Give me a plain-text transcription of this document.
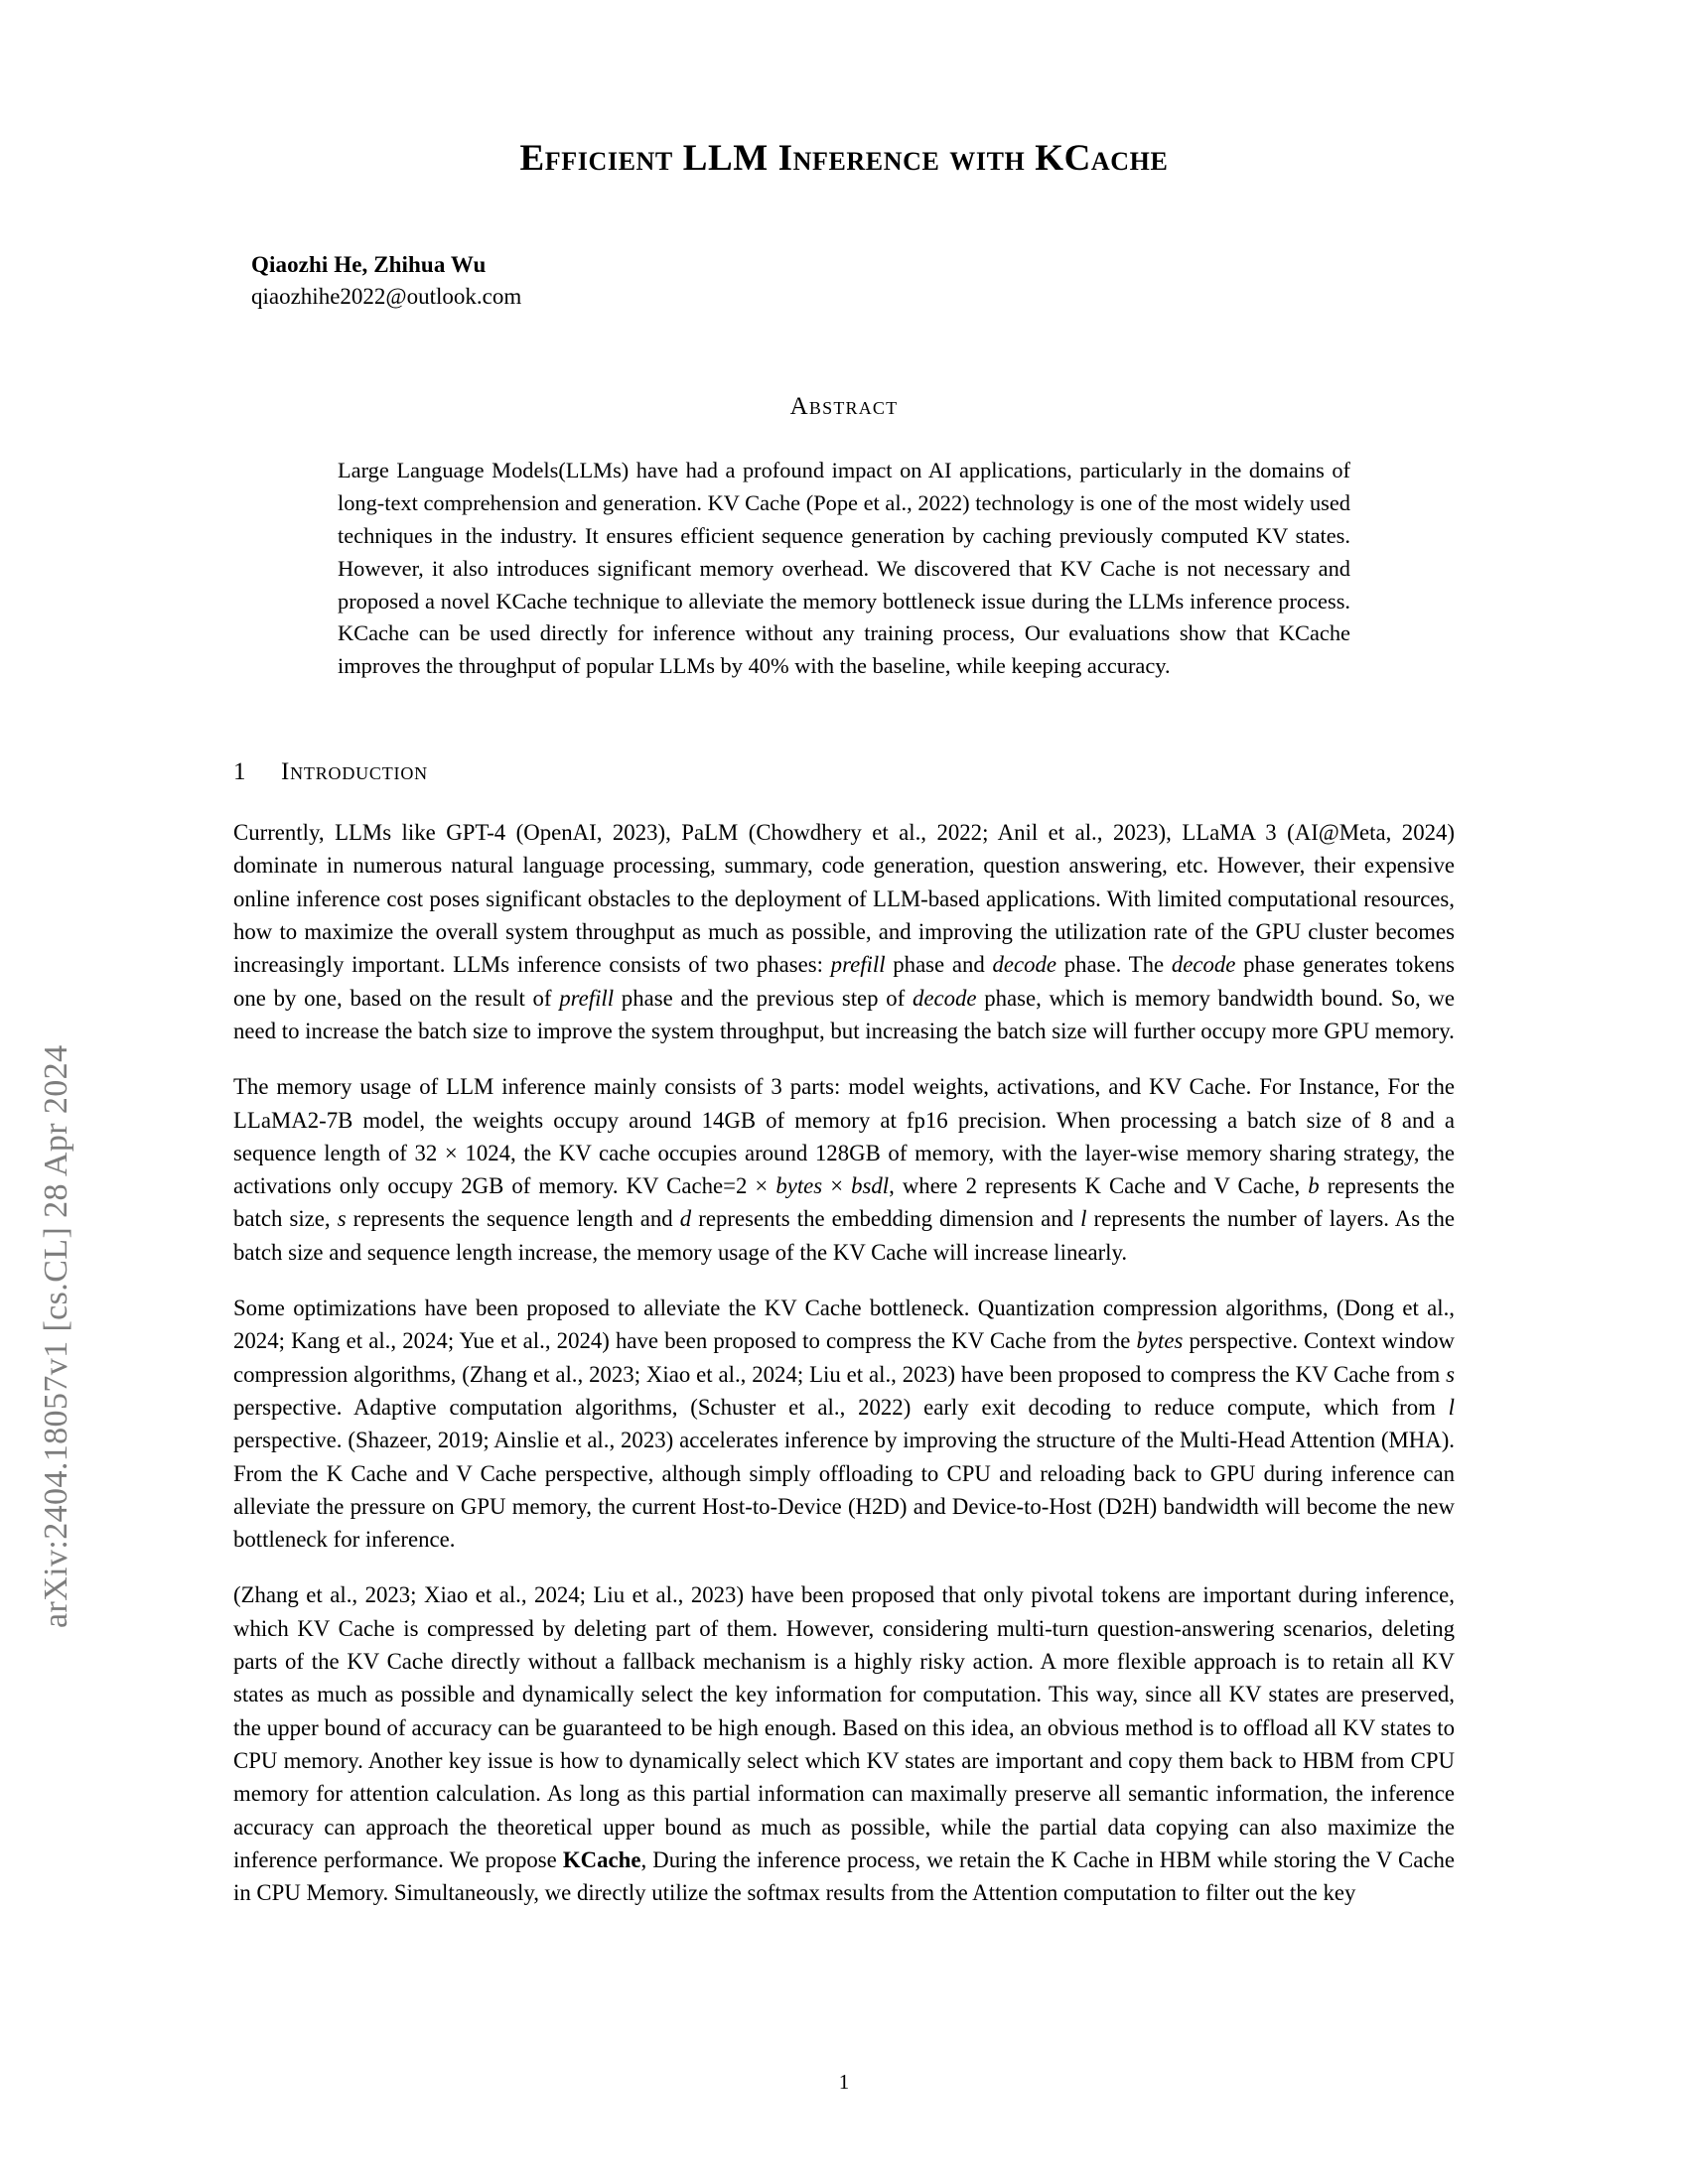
arXiv:2404.18057v1 [cs.CL] 28 Apr 2024
Efficient LLM Inference with KCache
Qiaozhi He, Zhihua Wu
qiaozhihe2022@outlook.com
Abstract
Large Language Models(LLMs) have had a profound impact on AI applications, particularly in the domains of long-text comprehension and generation. KV Cache (Pope et al., 2022) technology is one of the most widely used techniques in the industry. It ensures efficient sequence generation by caching previously computed KV states. However, it also introduces significant memory overhead. We discovered that KV Cache is not necessary and proposed a novel KCache technique to alleviate the memory bottleneck issue during the LLMs inference process. KCache can be used directly for inference without any training process, Our evaluations show that KCache improves the throughput of popular LLMs by 40% with the baseline, while keeping accuracy.
1 Introduction

Currently, LLMs like GPT-4 (OpenAI, 2023), PaLM (Chowdhery et al., 2022; Anil et al., 2023), LLaMA 3 (AI@Meta, 2024) dominate in numerous natural language processing, summary, code generation, question answering, etc. However, their expensive online inference cost poses significant obstacles to the deployment of LLM-based applications. With limited computational resources, how to maximize the overall system throughput as much as possible, and improving the utilization rate of the GPU cluster becomes increasingly important. LLMs inference consists of two phases: prefill phase and decode phase. The decode phase generates tokens one by one, based on the result of prefill phase and the previous step of decode phase, which is memory bandwidth bound. So, we need to increase the batch size to improve the system throughput, but increasing the batch size will further occupy more GPU memory.

The memory usage of LLM inference mainly consists of 3 parts: model weights, activations, and KV Cache. For Instance, For the LLaMA2-7B model, the weights occupy around 14GB of memory at fp16 precision. When processing a batch size of 8 and a sequence length of 32 × 1024, the KV cache occupies around 128GB of memory, with the layer-wise memory sharing strategy, the activations only occupy 2GB of memory. KV Cache=2 × bytes × bsdl, where 2 represents K Cache and V Cache, b represents the batch size, s represents the sequence length and d represents the embedding dimension and l represents the number of layers. As the batch size and sequence length increase, the memory usage of the KV Cache will increase linearly.

Some optimizations have been proposed to alleviate the KV Cache bottleneck. Quantization compression algorithms, (Dong et al., 2024; Kang et al., 2024; Yue et al., 2024) have been proposed to compress the KV Cache from the bytes perspective. Context window compression algorithms, (Zhang et al., 2023; Xiao et al., 2024; Liu et al., 2023) have been proposed to compress the KV Cache from s perspective. Adaptive computation algorithms, (Schuster et al., 2022) early exit decoding to reduce compute, which from l perspective. (Shazeer, 2019; Ainslie et al., 2023) accelerates inference by improving the structure of the Multi-Head Attention (MHA). From the K Cache and V Cache perspective, although simply offloading to CPU and reloading back to GPU during inference can alleviate the pressure on GPU memory, the current Host-to-Device (H2D) and Device-to-Host (D2H) bandwidth will become the new bottleneck for inference.

(Zhang et al., 2023; Xiao et al., 2024; Liu et al., 2023) have been proposed that only pivotal tokens are important during inference, which KV Cache is compressed by deleting part of them. However, considering multi-turn question-answering scenarios, deleting parts of the KV Cache directly without a fallback mechanism is a highly risky action. A more flexible approach is to retain all KV states as much as possible and dynamically select the key information for computation. This way, since all KV states are preserved, the upper bound of accuracy can be guaranteed to be high enough. Based on this idea, an obvious method is to offload all KV states to CPU memory. Another key issue is how to dynamically select which KV states are important and copy them back to HBM from CPU memory for attention calculation. As long as this partial information can maximally preserve all semantic information, the inference accuracy can approach the theoretical upper bound as much as possible, while the partial data copying can also maximize the inference performance. We propose KCache, During the inference process, we retain the K Cache in HBM while storing the V Cache in CPU Memory. Simultaneously, we directly utilize the softmax results from the Attention computation to filter out the key

1
